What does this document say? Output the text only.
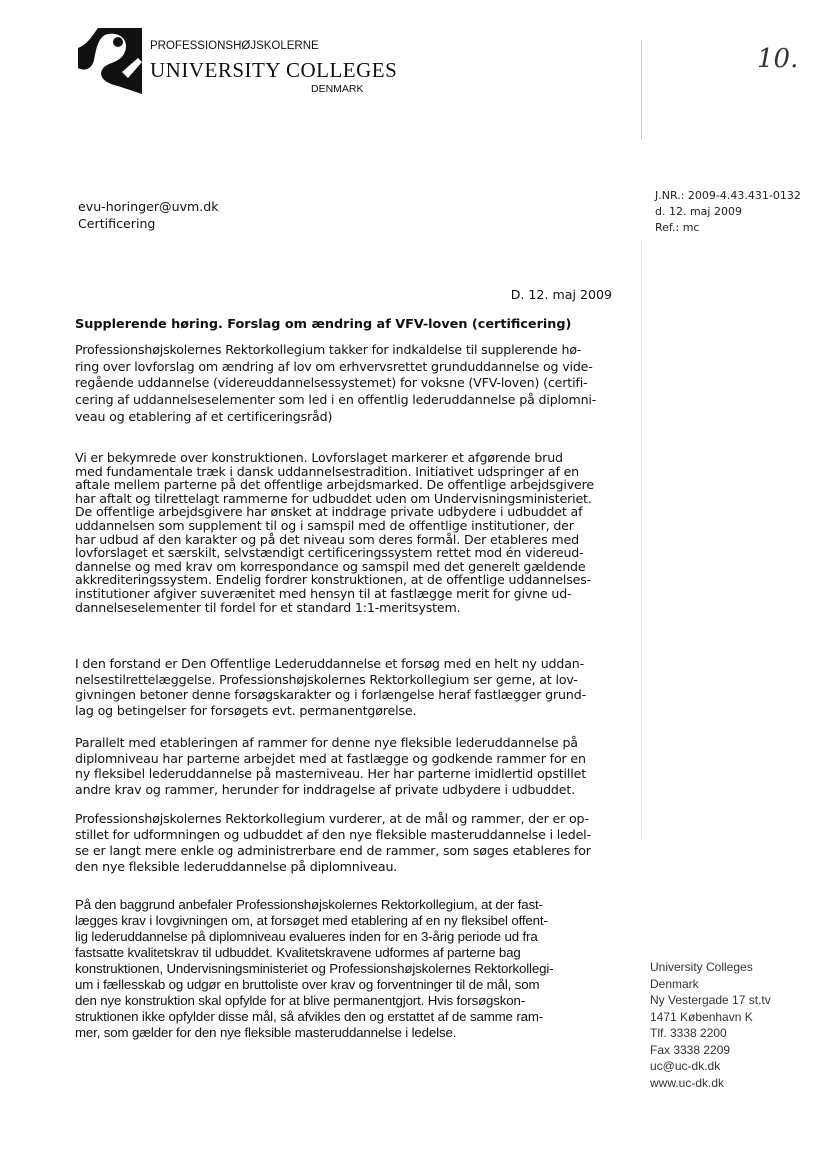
PROFESSIONSHØJSKOLERNE
UNIVERSITY COLLEGES
DENMARK
10.
evu-horinger@uvm.dk
Certificering
J.NR.: 2009-4.43.431-0132
d. 12. maj 2009
Ref.: mc
D. 12. maj 2009
Supplerende høring. Forslag om ændring af VFV-loven (certificering)
Professionshøjskolernes Rektorkollegium takker for indkaldelse til supplerende hø-
ring over lovforslag om ændring af lov om erhvervsrettet grunduddannelse og vide-
regående uddannelse (videreuddannelsessystemet) for voksne (VFV-loven) (certifi-
cering af uddannelseselementer som led i en offentlig lederuddannelse på diplomni-
veau og etablering af et certificeringsråd)
Vi er bekymrede over konstruktionen. Lovforslaget markerer et afgørende brud
med fundamentale træk i dansk uddannelsestradition. Initiativet udspringer af en
aftale mellem parterne på det offentlige arbejdsmarked. De offentlige arbejdsgivere
har aftalt og tilrettelagt rammerne for udbuddet uden om Undervisningsministeriet.
De offentlige arbejdsgivere har ønsket at inddrage private udbydere i udbuddet af
uddannelsen som supplement til og i samspil med de offentlige institutioner, der
har udbud af den karakter og på det niveau som deres formål. Der etableres med
lovforslaget et særskilt, selvstændigt certificeringssystem rettet mod én videreud-
dannelse og med krav om korrespondance og samspil med det generelt gældende
akkrediteringssystem. Endelig fordrer konstruktionen, at de offentlige uddannelses-
institutioner afgiver suverænitet med hensyn til at fastlægge merit for givne ud-
dannelseselementer til fordel for et standard 1:1-meritsystem.
I den forstand er Den Offentlige Lederuddannelse et forsøg med en helt ny uddan-
nelsestilrettelæggelse. Professionshøjskolernes Rektorkollegium ser gerne, at lov-
givningen betoner denne forsøgskarakter og i forlængelse heraf fastlægger grund-
lag og betingelser for forsøgets evt. permanentgørelse.
Parallelt med etableringen af rammer for denne nye fleksible lederuddannelse på
diplomniveau har parterne arbejdet med at fastlægge og godkende rammer for en
ny fleksibel lederuddannelse på masterniveau. Her har parterne imidlertid opstillet
andre krav og rammer, herunder for inddragelse af private udbydere i udbuddet.
Professionshøjskolernes Rektorkollegium vurderer, at de mål og rammer, der er op-
stillet for udformningen og udbuddet af den nye fleksible masteruddannelse i ledel-
se er langt mere enkle og administrerbare end de rammer, som søges etableres for
den nye fleksible lederuddannelse på diplomniveau.
På den baggrund anbefaler Professionshøjskolernes Rektorkollegium, at der fast-
lægges krav i lovgivningen om, at forsøget med etablering af en ny fleksibel offent-
lig lederuddannelse på diplomniveau evalueres inden for en 3-årig periode ud fra
fastsatte kvalitetskrav til udbuddet. Kvalitetskravene udformes af parterne bag
konstruktionen, Undervisningsministeriet og Professionshøjskolernes Rektorkollegi-
um i fællesskab og udgør en bruttoliste over krav og forventninger til de mål, som
den nye konstruktion skal opfylde for at blive permanentgjort. Hvis forsøgskon-
struktionen ikke opfylder disse mål, så afvikles den og erstattet af de samme ram-
mer, som gælder for den nye fleksible masteruddannelse i ledelse.
University Colleges
Denmark
Ny Vestergade 17 st.tv
1471 København K
Tlf. 3338 2200
Fax 3338 2209
uc@uc-dk.dk
www.uc-dk.dk
